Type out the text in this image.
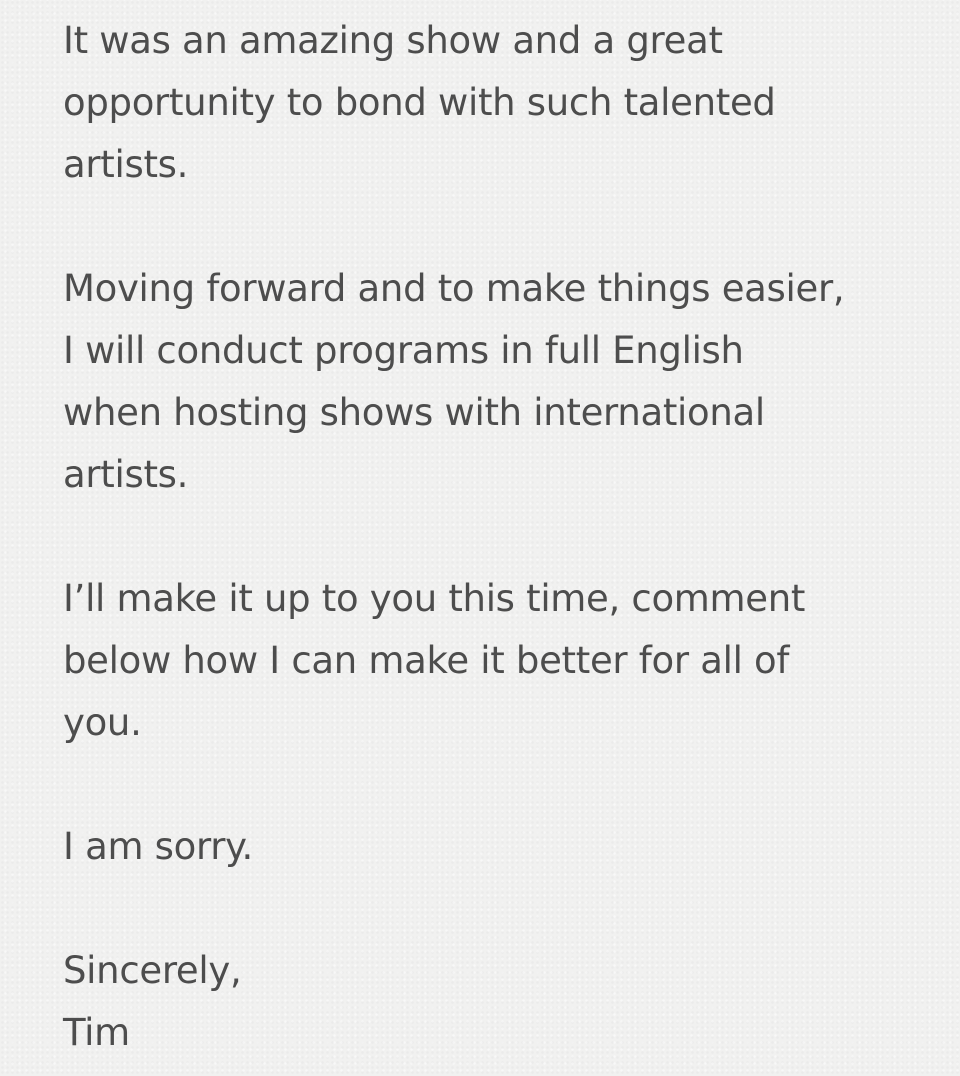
It was an amazing show and a great
opportunity to bond with such talented
artists.
Moving forward and to make things easier,
I will conduct programs in full English
when hosting shows with international
artists.
I’ll make it up to you this time, comment
below how I can make it better for all of
you.
I am sorry.
Sincerely,
Tim
